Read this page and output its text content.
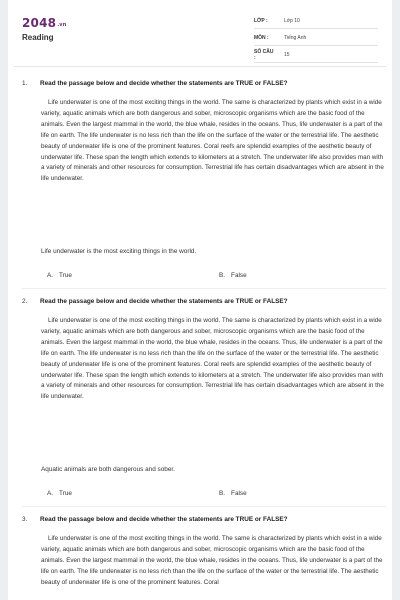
2048.vn
Reading
LỚP :	Lớp 10
MÔN :	Tiếng Anh
SỐ CÂU :	15
1. Read the passage below and decide whether the statements are TRUE or FALSE?
Life underwater is one of the most exciting things in the world. The same is characterized by plants which exist in a wide variety, aquatic animals which are both dangerous and sober, microscopic organisms which are the basic food of the animals. Even the largest mammal in the world, the blue whale, resides in the oceans. Thus, life underwater is a part of the life on earth. The life underwater is no less rich than the life on the surface of the water or the terrestrial life. The aesthetic beauty of underwater life is one of the prominent features. Coral reefs are splendid examples of the aesthetic beauty of underwater life. These span the length which extends to kilometers at a stretch. The underwater life also provides man with a variety of minerals and other resources for consumption. Terrestrial life has certain disadvantages which are absent in the life underwater.
Life underwater is the most exciting things in the world.
A. True	B. False
2. Read the passage below and decide whether the statements are TRUE or FALSE?
Life underwater is one of the most exciting things in the world. The same is characterized by plants which exist in a wide variety, aquatic animals which are both dangerous and sober, microscopic organisms which are the basic food of the animals. Even the largest mammal in the world, the blue whale, resides in the oceans. Thus, life underwater is a part of the life on earth. The life underwater is no less rich than the life on the surface of the water or the terrestrial life. The aesthetic beauty of underwater life is one of the prominent features. Coral reefs are splendid examples of the aesthetic beauty of underwater life. These span the length which extends to kilometers at a stretch. The underwater life also provides man with a variety of minerals and other resources for consumption. Terrestrial life has certain disadvantages which are absent in the life underwater.
Aquatic animals are both dangerous and sober.
A. True	B. False
3. Read the passage below and decide whether the statements are TRUE or FALSE?
Life underwater is one of the most exciting things in the world. The same is characterized by plants which exist in a wide variety, aquatic animals which are both dangerous and sober, microscopic organisms which are the basic food of the animals. Even the largest mammal in the world, the blue whale, resides in the oceans. Thus, life underwater is a part of the life on earth. The life underwater is no less rich than the life on the surface of the water or the terrestrial life. The aesthetic beauty of underwater life is one of the prominent features. Coral
